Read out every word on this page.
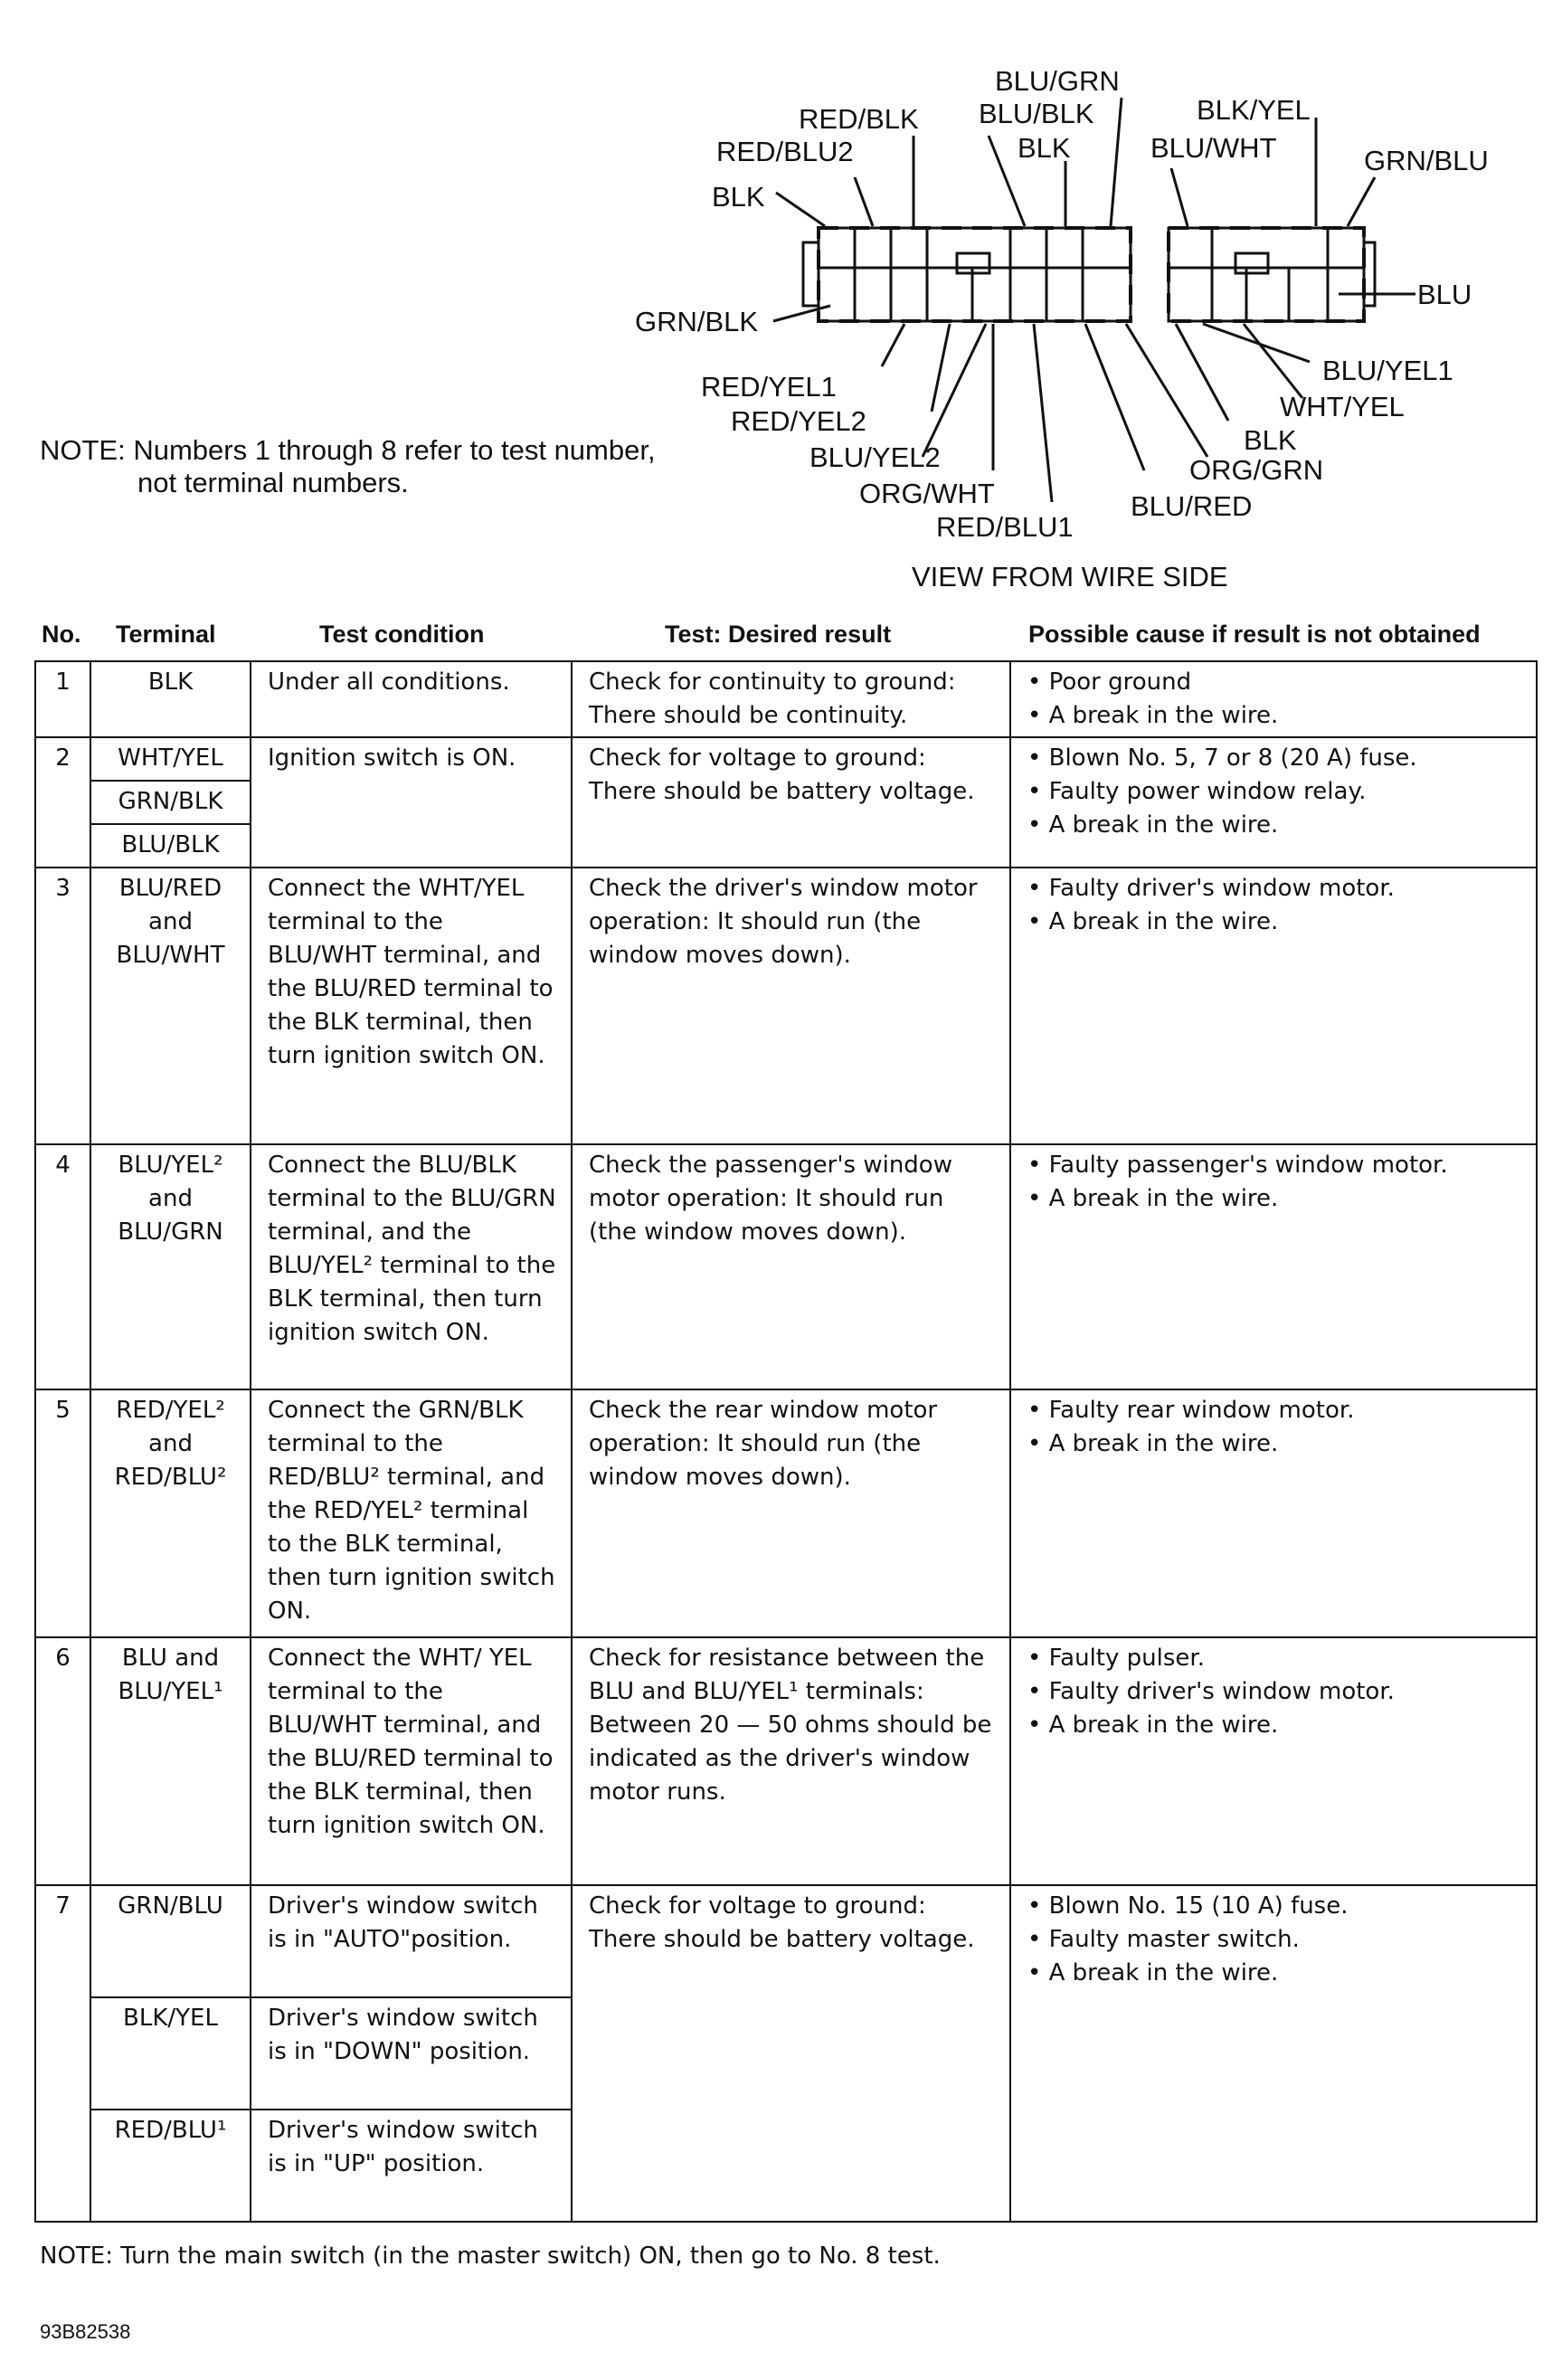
BLU/GRN
RED/BLK BLU/BLK	BLK/YEL
BLU/WHT	GRN/BLU
RED/BLU2	BLK
BLK
GRN/BLK
BLU
RED/YEL1
BLU/YEL1
WHT/YEL
RED/YEL2
BLK
BLU/YEL2	ORG/GRN
ORG/WHT	BLU/RED
RED/BLU1
NOTE: Numbers 1 through 8 refer to test number,
not terminal numbers.
VIEW FROM WIRE SIDE
No. Terminal	Test condition	Test: Desired result	Possible cause if result is not obtained
1	BLK	Under all conditions.	Check for continuity to ground: There should be continuity.	• Poor ground
• A break in the wire.

2	WHT/YEL	Ignition switch is ON.	Check for voltage to ground: There should be battery voltage.	• Blown No. 5, 7 or 8 (20 A) fuse.
• Faulty power window relay.
• A break in the wire.

	GRN/BLK			
	BLU/BLK			
3	BLU/RED and BLU/WHT	Connect the WHT/YEL terminal to the BLU/WHT terminal, and the BLU/RED terminal to the BLK terminal, then turn ignition switch ON.	Check the driver's window motor operation: It should run (the window moves down).	• Faulty driver's window motor.
• A break in the wire.

4	BLU/YEL² and BLU/GRN	Connect the BLU/BLK terminal to the BLU/GRN terminal, and the BLU/YEL² terminal to the BLK terminal, then turn ignition switch ON.	Check the passenger's window motor operation: It should run (the window moves down).	• Faulty passenger's window motor.
• A break in the wire.

5	RED/YEL² and RED/BLU²	Connect the GRN/BLK terminal to the RED/BLU² terminal, and the RED/YEL² terminal to the BLK terminal, then turn ignition switch ON.	Check the rear window motor operation: It should run (the window moves down).	• Faulty rear window motor.
• A break in the wire.

6	BLU and BLU/YEL¹	Connect the WHT/ YEL terminal to the BLU/WHT terminal, and the BLU/RED terminal to the BLK terminal, then turn ignition switch ON.	Check for resistance between the BLU and BLU/YEL¹ terminals: Between 20 — 50 ohms should be indicated as the driver's window motor runs.	• Faulty pulser.
• Faulty driver's window motor.
• A break in the wire.

7	GRN/BLU	Driver's window switch is in "AUTO"position.	Check for voltage to ground: There should be battery voltage.	• Blown No. 15 (10 A) fuse.
• Faulty master switch.
• A break in the wire.

	BLK/YEL	Driver's window switch is in "DOWN" position.		
	RED/BLU¹	Driver's window switch is in "UP" position.		
NOTE: Turn the main switch (in the master switch) ON, then go to No. 8 test.
93B82538
